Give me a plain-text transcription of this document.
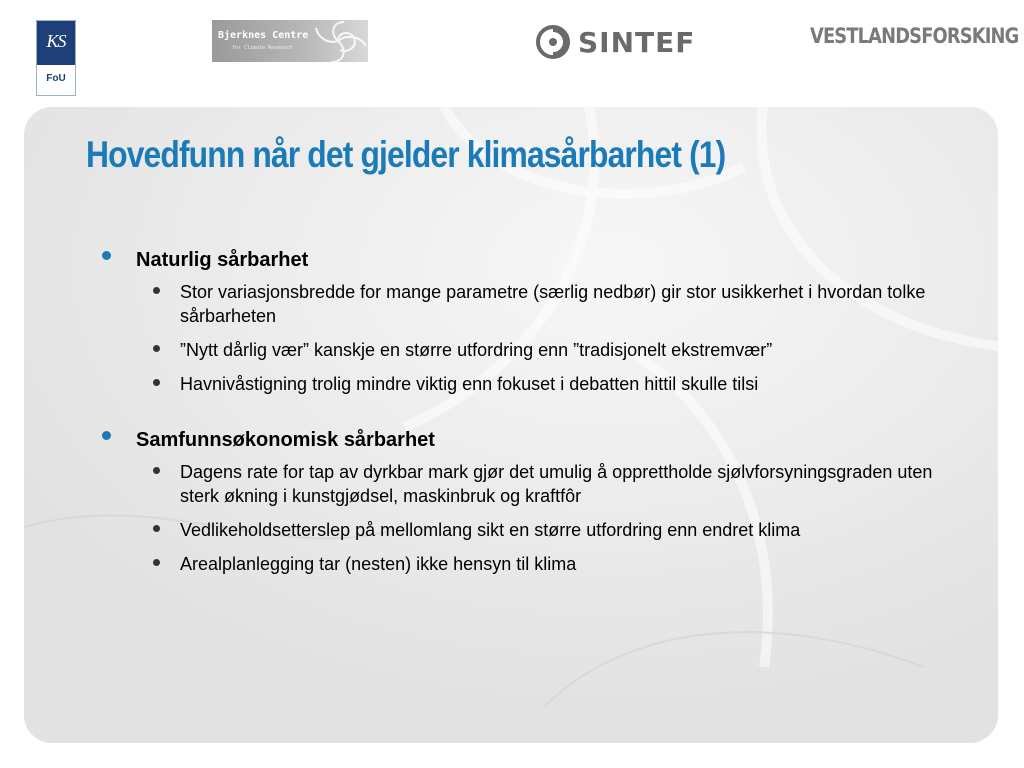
KS
FoU
Bjerknes Centre
for Climate Research	SINTEF	VESTLANDSFORSKING
Hovedfunn når det gjelder klimasårbarhet (1)
Naturlig sårbarhet
Stor variasjonsbredde for mange parametre (særlig nedbør) gir stor usikkerhet i hvordan tolke sårbarheten
”Nytt dårlig vær” kanskje en større utfordring enn ”tradisjonelt ekstremvær”
Havnivåstigning trolig mindre viktig enn fokuset i debatten hittil skulle tilsi
Samfunnsøkonomisk sårbarhet
Dagens rate for tap av dyrkbar mark gjør det umulig å opprettholde sjølvforsyningsgraden uten sterk økning i kunstgjødsel, maskinbruk og kraftfôr
Vedlikeholdsetterslep på mellomlang sikt en større utfordring enn endret klima
Arealplanlegging tar (nesten) ikke hensyn til klima
